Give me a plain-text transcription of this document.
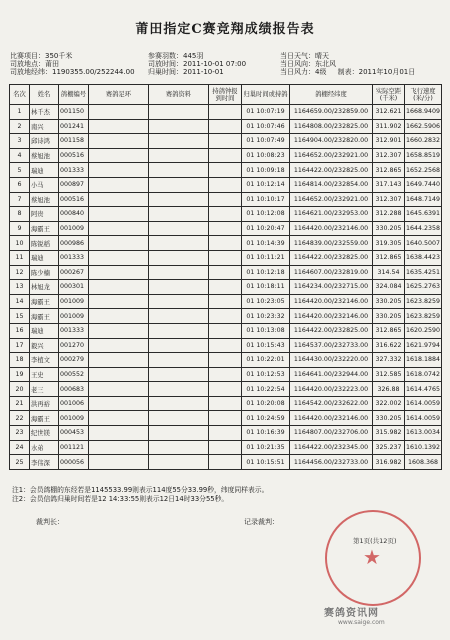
莆田指定C赛竞翔成绩报告表
比赛项目：350千米	参赛羽数：445羽	当日天气：晴天
司放地点：莆田	司放时间：2011-10-01 07:00	当日风向：东北风
司放地经纬：1190355.00/252244.00	归巢时间：2011-10-01	当日风力：4级 制表：2011年10月01日
名次	姓名	鸽棚编号	赛鸽足环	赛鸽资料	持鸽钟报到时间	归巢时间或持鸽	鸽棚经纬度	实际空距(千米)	飞行速度(米/分)
1	林千杰	001150				01 10:07:19	1164659.00/232859.00	312.621	1668.9409
2	南兴	001241				01 10:07:46	1164808.00/232825.00	311.902	1662.5906
3	邱诗鸿	001158				01 10:07:49	1164904.00/232820.00	312.901	1660.2832
4	蔡旭池	000516				01 10:08:23	1164652.00/232921.00	312.307	1658.8519
5	瑞迪	001333				01 10:09:18	1164422.00/232825.00	312.865	1652.2568
6	小马	000897				01 10:12:14	1164814.00/232854.00	317.143	1649.7440
7	蔡旭池	000516				01 10:10:17	1164652.00/232921.00	312.307	1648.7149
8	阿贵	000840				01 10:12:08	1164621.00/232953.00	312.288	1645.6391
9	海霸王	001009				01 10:20:47	1164420.00/232146.00	330.205	1644.2358
10	陈锐稻	000986				01 10:14:39	1164839.00/232559.00	319.305	1640.5007
11	瑞迪	001333				01 10:11:21	1164422.00/232825.00	312.865	1638.4423
12	陈少楠	000267				01 10:12:18	1164607.00/232819.00	314.54	1635.4251
13	林旭龙	000301				01 10:18:11	1164234.00/232715.00	324.084	1625.2763
14	海霸王	001009				01 10:23:05	1164420.00/232146.00	330.205	1623.8259
15	海霸王	001009				01 10:23:32	1164420.00/232146.00	330.205	1623.8259
16	瑞迪	001333				01 10:13:08	1164422.00/232825.00	312.865	1620.2590
17	毅兴	001270				01 10:15:43	1164537.00/232733.00	316.622	1621.9794
18	李植文	000279				01 10:22:01	1164430.00/232220.00	327.332	1618.1884
19	王史	000552				01 10:12:53	1164641.00/232944.00	312.585	1618.0742
20	老三	000683				01 10:22:54	1164420.00/232223.00	326.88	1614.4765
21	洪再裕	001006				01 10:20:08	1164542.00/232622.00	322.002	1614.0059
22	海霸王	001009				01 10:24:59	1164420.00/232146.00	330.205	1614.0059
23	纪世镁	000453				01 10:16:39	1164807.00/232706.00	315.982	1613.0034
24	水弟	001121				01 10:21:35	1164422.00/232345.00	325.237	1610.1392
25	李伟深	000056				01 10:15:51	1164456.00/232733.00	316.982	1608.368
注1：会员鸽棚的东经若是1145533.99则表示114度55分33.99秒，纬度同样表示。
注2：会员信鸽归巢时间若是12 14:33:55则表示12日14时33分55秒。
裁判长：	记录裁判：
★
第1页(共12页)
赛鸽资讯网
www.saige.com
